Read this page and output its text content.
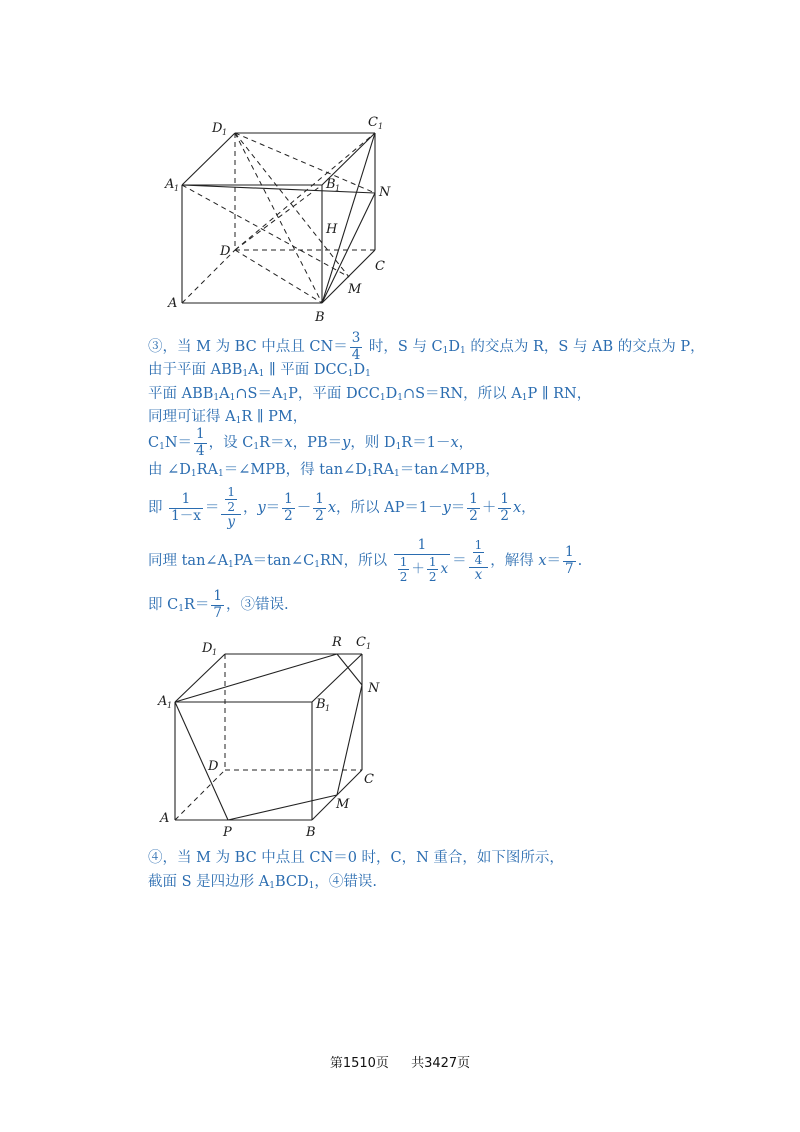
D 1
C 1
A 1	B 1	N
H
D
C
A
M
B
③，当 M 为 BC 中点且 $CN= \frac{3}{4}$ 时，S 与 $C_1D_1$ 的交点为 R，S 与 AB 的交点为 P，
由于平面 $ABB_1A_1$ ∥ 平面 $DCC_1D_1$
平面 $ABB_1A_1\cap S=A_1P$，平面 $DCC_1D_1\cap S=RN$，所以 $A_1P$ ∥ RN，
同理可证得 $A_1R$ ∥ PM，
$C_1N= \frac{1}{4}$ ，设 $C_1R=x$，PB＝y，则 $D_1R=1-x$，
由 $\angle D_1RA_1=\angle MPB$，得 $\tan\angle D_1RA_1=\tan\angle MPB$，
即 $\frac{1}{1-x} = \frac{\frac{1}{2}}{y}$ ，$y= \frac{1}{2} - \frac{1}{2}$ x，所以 $AP=1-y= \frac{1}{2} + \frac{1}{2}$ x，
同理 $\tan\angle A_1PA=\tan\angle C_1RN$，所以 $\frac{1}{\frac{1}{2} + \frac{1}{2} x} = \frac{\frac{1}{4}}{x}$ ，解得 $x= \frac{1}{7}$ .
即 $C_1R= \frac{1}{7}$ ，③错误.
D 1
R C 1
A 1	B 1
N
D
C
A
P	B
M
④，当 M 为 BC 中点且 CN＝0 时，C，N 重合，如下图所示，
截面 S 是四边形 $A_1BCD_1$，④错误.
第1510页 共3427页
